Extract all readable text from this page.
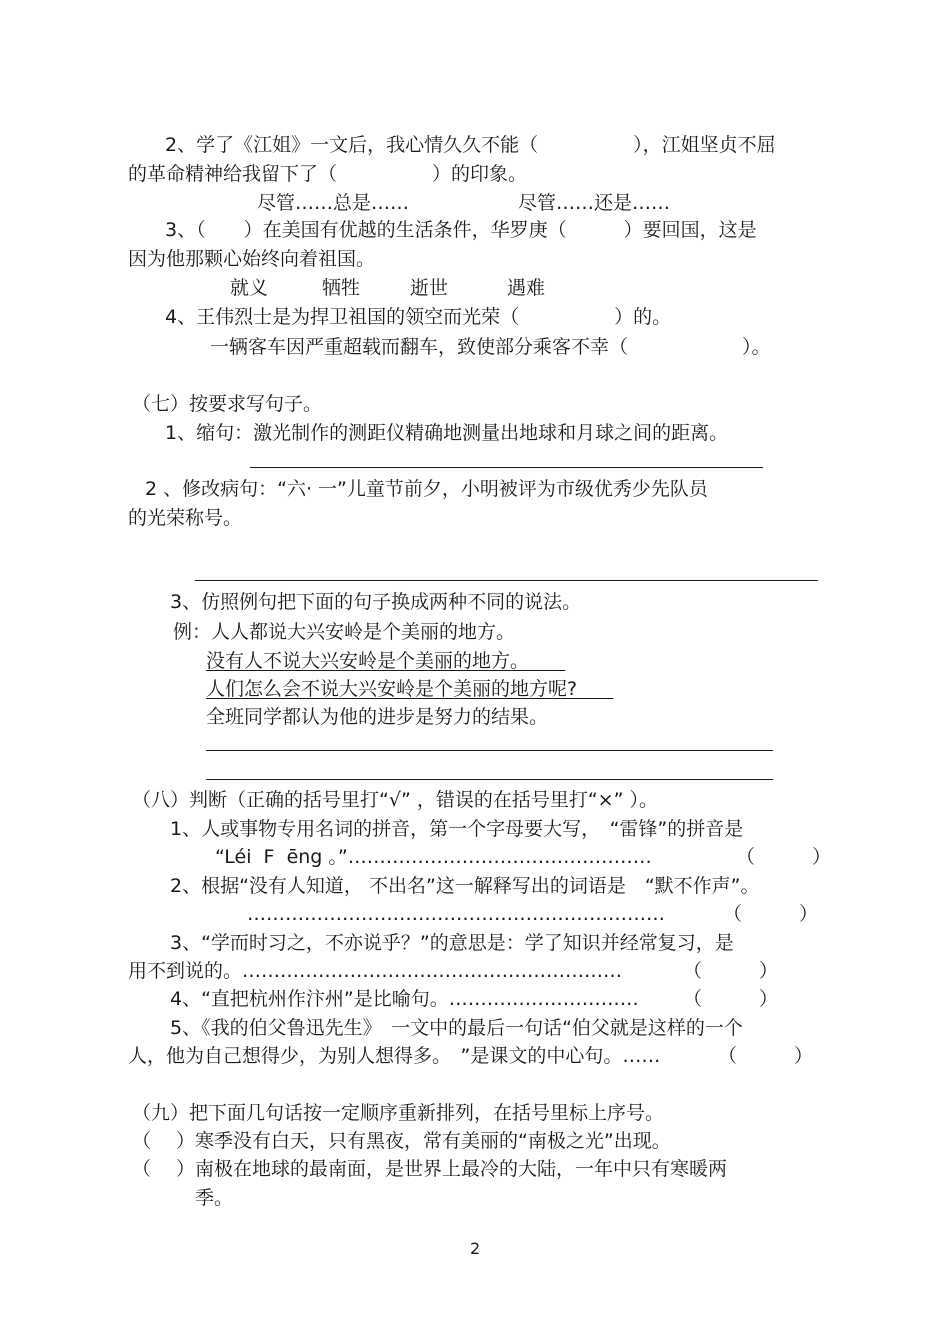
2、学了《江姐》一文后，我心情久久不能（　　　　　），江姐坚贞不屈
的革命精神给我留下了（　　　　　）的印象。
尽管……总是……	尽管……还是……
3、（　　）在美国有优越的生活条件，华罗庚（　　　）要回国，这是
因为他那颗心始终向着祖国。
就义	牺牲	逝世	遇难
4、王伟烈士是为捍卫祖国的领空而光荣（　　　　　）的。
一辆客车因严重超载而翻车，致使部分乘客不幸（　　　　　　）。
（七）按要求写句子。
1、缩句：激光制作的测距仪精确地测量出地球和月球之间的距离。
2 、修改病句：“六· 一”儿童节前夕，小明被评为市级优秀少先队员
的光荣称号。
3、仿照例句把下面的句子换成两种不同的说法。
例：人人都说大兴安岭是个美丽的地方。
没有人不说大兴安岭是个美丽的地方。
人们怎么会不说大兴安岭是个美丽的地方呢?
全班同学都认为他的进步是努力的结果。
（八）判断（正确的括号里打“√” ，错误的在括号里打“×” ）。
1、人或事物专用名词的拼音，第一个字母要大写，　“雷锋”的拼音是
“Léi  F  ēng 。”…………………………………………	（　　　）
2、根据“没有人知道， 不出名”这一解释写出的词语是　“默不作声”。
…………………………………………………………	（　　　）
3、“学而时习之，不亦说乎？”的意思是：学了知识并经常复习，是
用不到说的。……………………………………………………	（　　　）
4、“直把杭州作汴州”是比喻句。………………………… （　　　）
5、《我的伯父鲁迅先生》　一文中的最后一句话“伯父就是这样的一个
人，他为自己想得少，为别人想得多。　”是课文的中心句。……	（　　　）
（九）把下面几句话按一定顺序重新排列，在括号里标上序号。
（　 ）寒季没有白天，只有黑夜，常有美丽的“南极之光”出现。
（　 ）南极在地球的最南面，是世界上最冷的大陆，一年中只有寒暖两
季。
2
